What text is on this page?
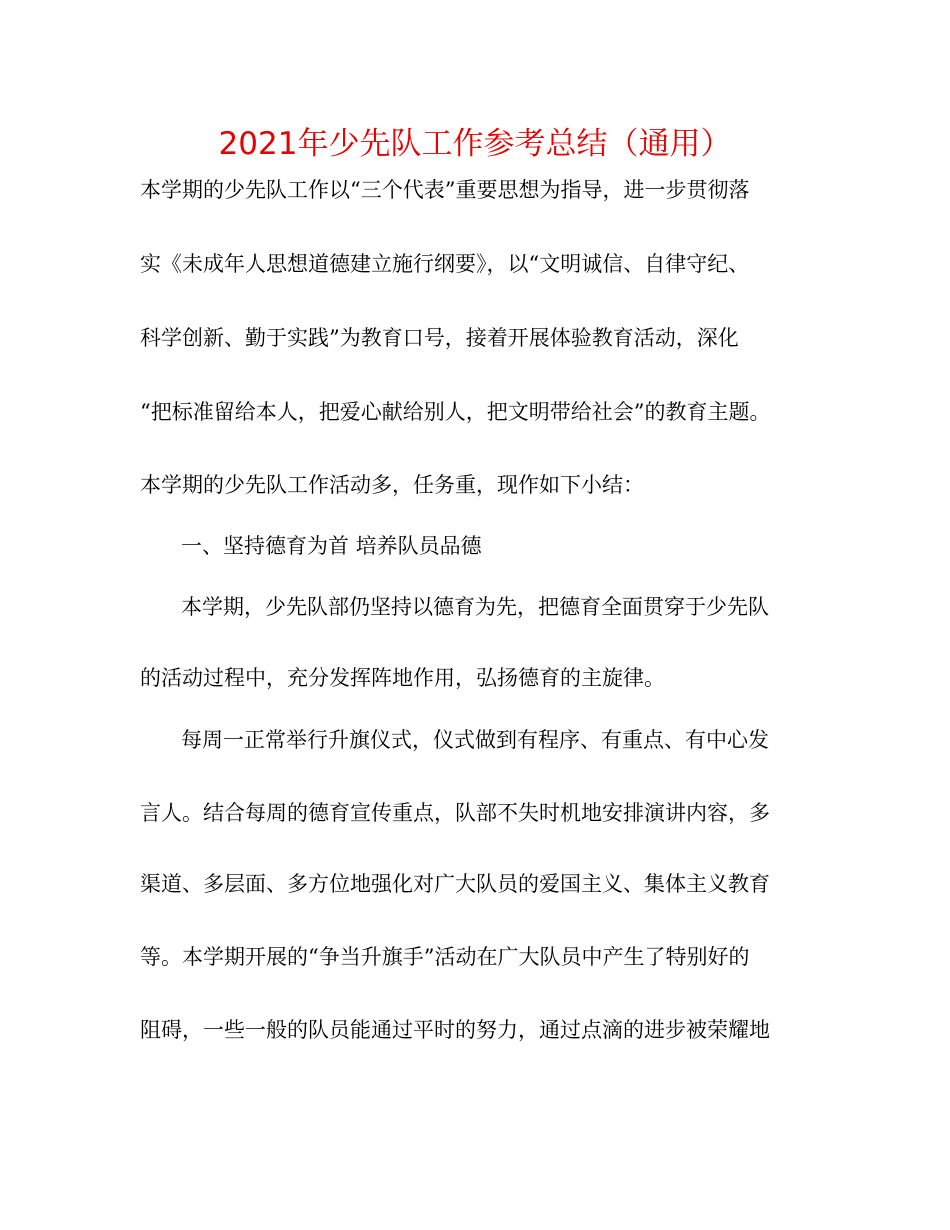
2021年少先队工作参考总结（通用）

本学期的少先队工作以“三个代表”重要思想为指导，进一步贯彻落

实《未成年人思想道德建立施行纲要》，以“文明诚信、自律守纪、

科学创新、勤于实践”为教育口号，接着开展体验教育活动，深化

“把标准留给本人，把爱心献给别人，把文明带给社会”的教育主题。

本学期的少先队工作活动多，任务重，现作如下小结：

一、坚持德育为首 培养队员品德

本学期，少先队部仍坚持以德育为先，把德育全面贯穿于少先队

的活动过程中，充分发挥阵地作用，弘扬德育的主旋律。

每周一正常举行升旗仪式，仪式做到有程序、有重点、有中心发

言人。结合每周的德育宣传重点，队部不失时机地安排演讲内容，多

渠道、多层面、多方位地强化对广大队员的爱国主义、集体主义教育

等。本学期开展的“争当升旗手”活动在广大队员中产生了特别好的

阻碍，一些一般的队员能通过平时的努力，通过点滴的进步被荣耀地
